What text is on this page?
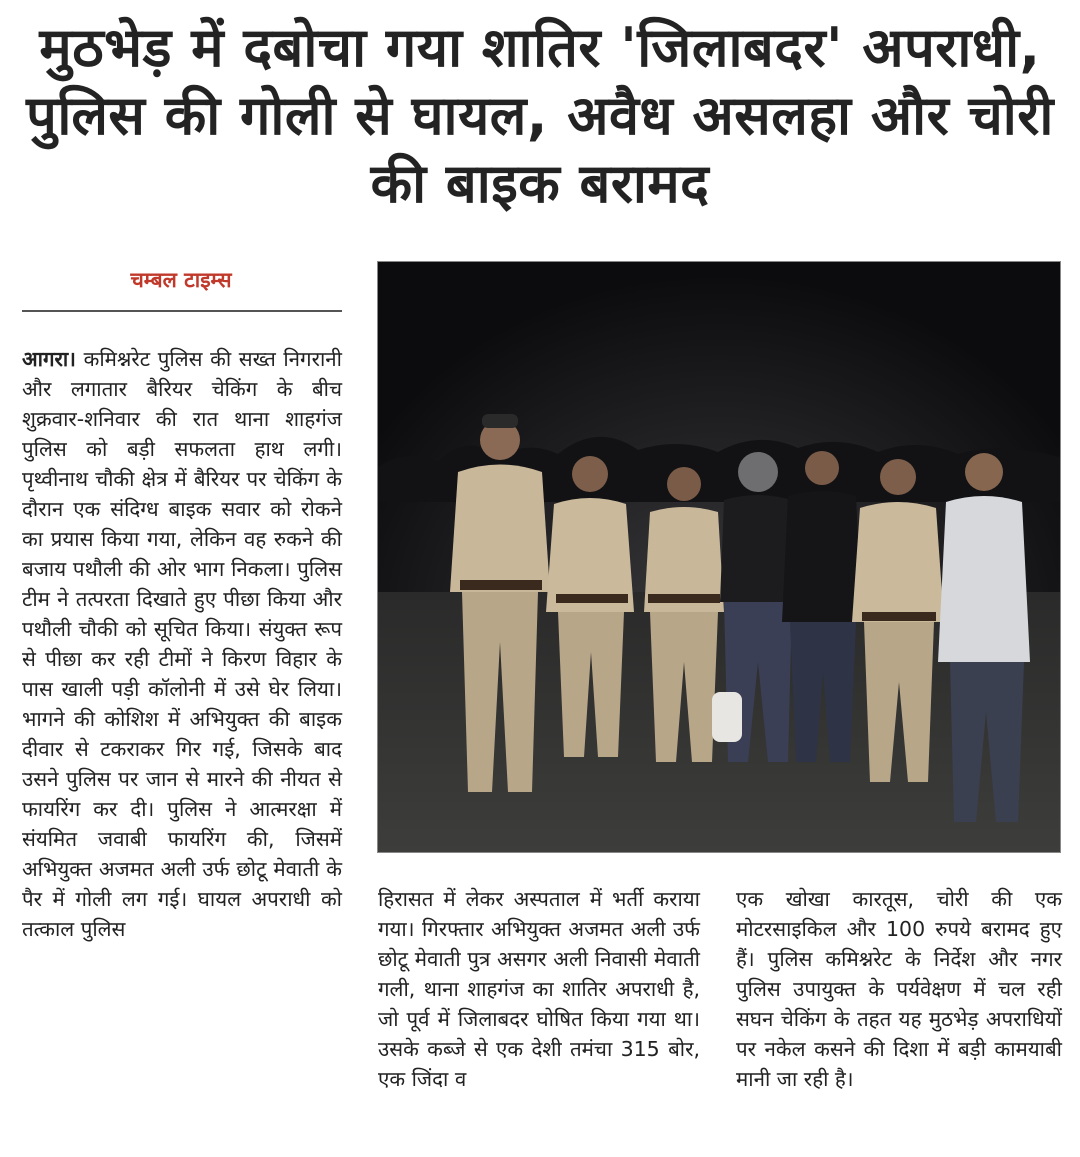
मुठभेड़ में दबोचा गया शातिर 'जिलाबदर' अपराधी, पुलिस की गोली से घायल, अवैध असलहा और चोरी की बाइक बरामद
चम्बल टाइम्स
आगरा। कमिश्नरेट पुलिस की सख्त निगरानी और लगातार बैरियर चेकिंग के बीच शुक्रवार-शनिवार की रात थाना शाहगंज पुलिस को बड़ी सफलता हाथ लगी। पृथ्वीनाथ चौकी क्षेत्र में बैरियर पर चेकिंग के दौरान एक संदिग्ध बाइक सवार को रोकने का प्रयास किया गया, लेकिन वह रुकने की बजाय पथौली की ओर भाग निकला। पुलिस टीम ने तत्परता दिखाते हुए पीछा किया और पथौली चौकी को सूचित किया। संयुक्त रूप से पीछा कर रही टीमों ने किरण विहार के पास खाली पड़ी कॉलोनी में उसे घेर लिया। भागने की कोशिश में अभियुक्त की बाइक दीवार से टकराकर गिर गई, जिसके बाद उसने पुलिस पर जान से मारने की नीयत से फायरिंग कर दी। पुलिस ने आत्मरक्षा में संयमित जवाबी फायरिंग की, जिसमें अभियुक्त अजमत अली उर्फ छोटू मेवाती के पैर में गोली लग गई। घायल अपराधी को तत्काल पुलिस
हिरासत में लेकर अस्पताल में भर्ती कराया गया। गिरफ्तार अभियुक्त अजमत अली उर्फ छोटू मेवाती पुत्र असगर अली निवासी मेवाती गली, थाना शाहगंज का शातिर अपराधी है, जो पूर्व में जिलाबदर घोषित किया गया था। उसके कब्जे से एक देशी तमंचा 315 बोर, एक जिंदा व
एक खोखा कारतूस, चोरी की एक मोटरसाइकिल और 100 रुपये बरामद हुए हैं। पुलिस कमिश्नरेट के निर्देश और नगर पुलिस उपायुक्त के पर्यवेक्षण में चल रही सघन चेकिंग के तहत यह मुठभेड़ अपराधियों पर नकेल कसने की दिशा में बड़ी कामयाबी मानी जा रही है।
